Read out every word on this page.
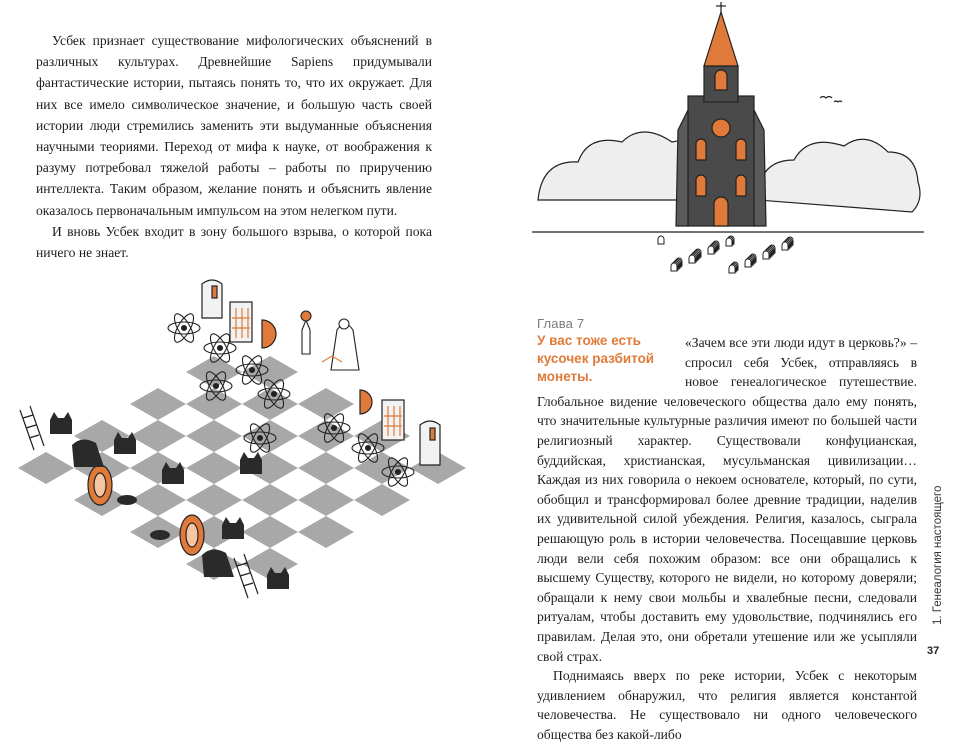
Усбек признает существование мифологических объяснений в различных культурах. Древнейшие Sapiens придумывали фантастические истории, пытаясь понять то, что их окружает. Для них все имело символическое значение, и большую часть своей истории люди стремились заменить эти выдуманные объяснения научными теориями. Переход от мифа к науке, от воображения к разуму потребовал тяжелой работы – работы по приручению интеллекта. Таким образом, желание понять и объяснить явление оказалось первоначальным импульсом на этом нелегком пути.

И вновь Усбек входит в зону большого взрыва, о которой пока ничего не знает.

Глава 7
У вас тоже есть кусочек разбитой монеты.

«Зачем все эти люди идут в церковь?» – спросил себя Усбек, отправляясь в новое генеалогическое путешествие. Глобальное видение человеческого общества дало ему понять, что значительные культурные различия имеют по большей части религиозный характер. Существовали конфуцианская, буддийская, христианская, мусульманская цивилизации… Каждая из них говорила о некоем основателе, который, по сути, обобщил и трансформировал более древние традиции, наделив их удивительной силой убеждения. Религия, казалось, сыграла решающую роль в истории человечества. Посещавшие церковь люди вели себя похожим образом: все они обращались к высшему Существу, которого не видели, но которому доверяли; обращали к нему свои мольбы и хвалебные песни, следовали ритуалам, чтобы доставить ему удовольствие, подчинялись его правилам. Делая это, они обретали утешение или же усыпляли свой страх.

Поднимаясь вверх по реке истории, Усбек с некоторым удивлением обнаружил, что религия является константой человечества. Не существовало ни одного человеческого общества без какой-либо

1. Генеалогия настоящего
37
